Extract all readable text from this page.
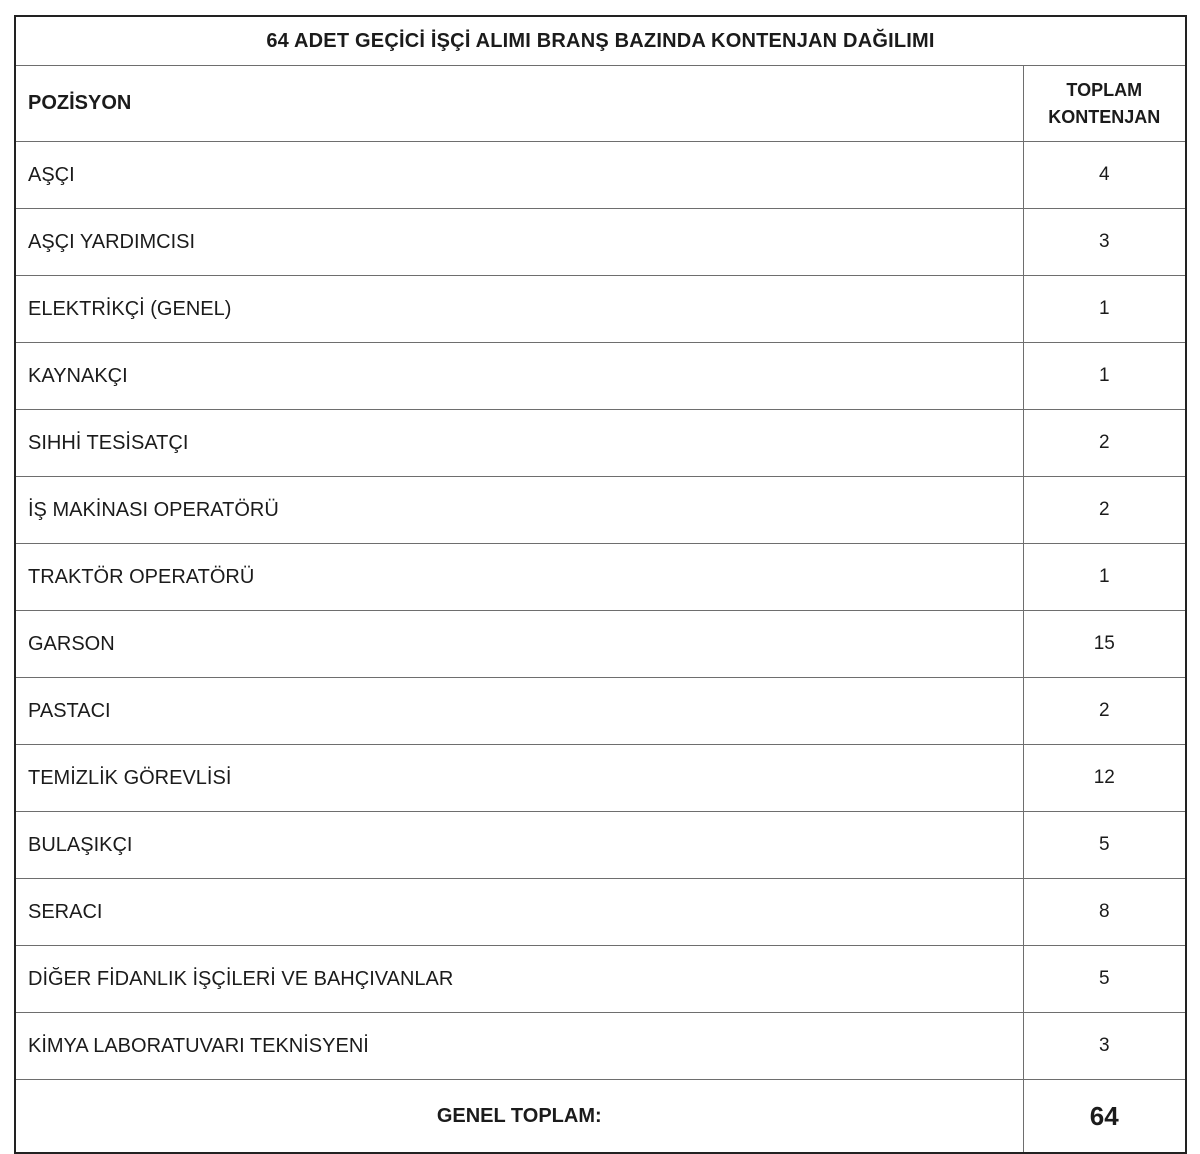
64 ADET GEÇİCİ İŞÇİ ALIMI BRANŞ BAZINDA KONTENJAN DAĞILIMI	
POZİSYON	TOPLAM KONTENJAN
AŞÇI	4
AŞÇI YARDIMCISI	3
ELEKTRİKÇİ (GENEL)	1
KAYNAKÇI	1
SIHHİ TESİSATÇI	2
İŞ MAKİNASI OPERATÖRÜ	2
TRAKTÖR OPERATÖRÜ	1
GARSON	15
PASTACI	2
TEMİZLİK GÖREVLİSİ	12
BULAŞIKÇI	5
SERACI	8
DİĞER FİDANLIK İŞÇİLERİ VE BAHÇIVANLAR	5
KİMYA LABORATUVARI TEKNİSYENİ	3
GENEL TOPLAM:	64
